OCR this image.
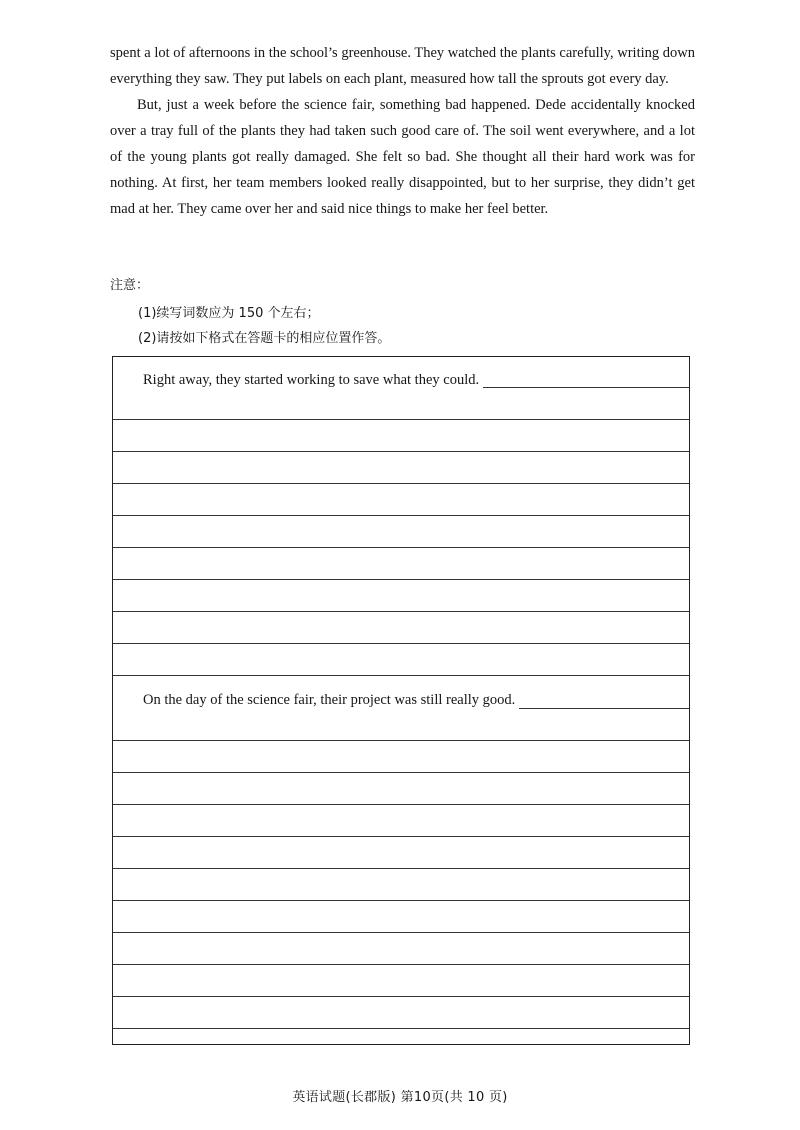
spent a lot of afternoons in the school’s greenhouse. They watched the plants carefully, writing down everything they saw. They put labels on each plant, measured how tall the sprouts got every day.

But, just a week before the science fair, something bad happened. Dede accidentally knocked over a tray full of the plants they had taken such good care of. The soil went everywhere, and a lot of the young plants got really damaged. She felt so bad. She thought all their hard work was for nothing. At first, her team members looked really disappointed, but to her surprise, they didn’t get mad at her. They came over her and said nice things to make her feel better.

注意：
(1)续写词数应为 150 个左右；
(2)请按如下格式在答题卡的相应位置作答。
Right away, they started working to save what they could.
On the day of the science fair, their project was still really good.
英语试题(长郡版) 第10页(共 10 页)
